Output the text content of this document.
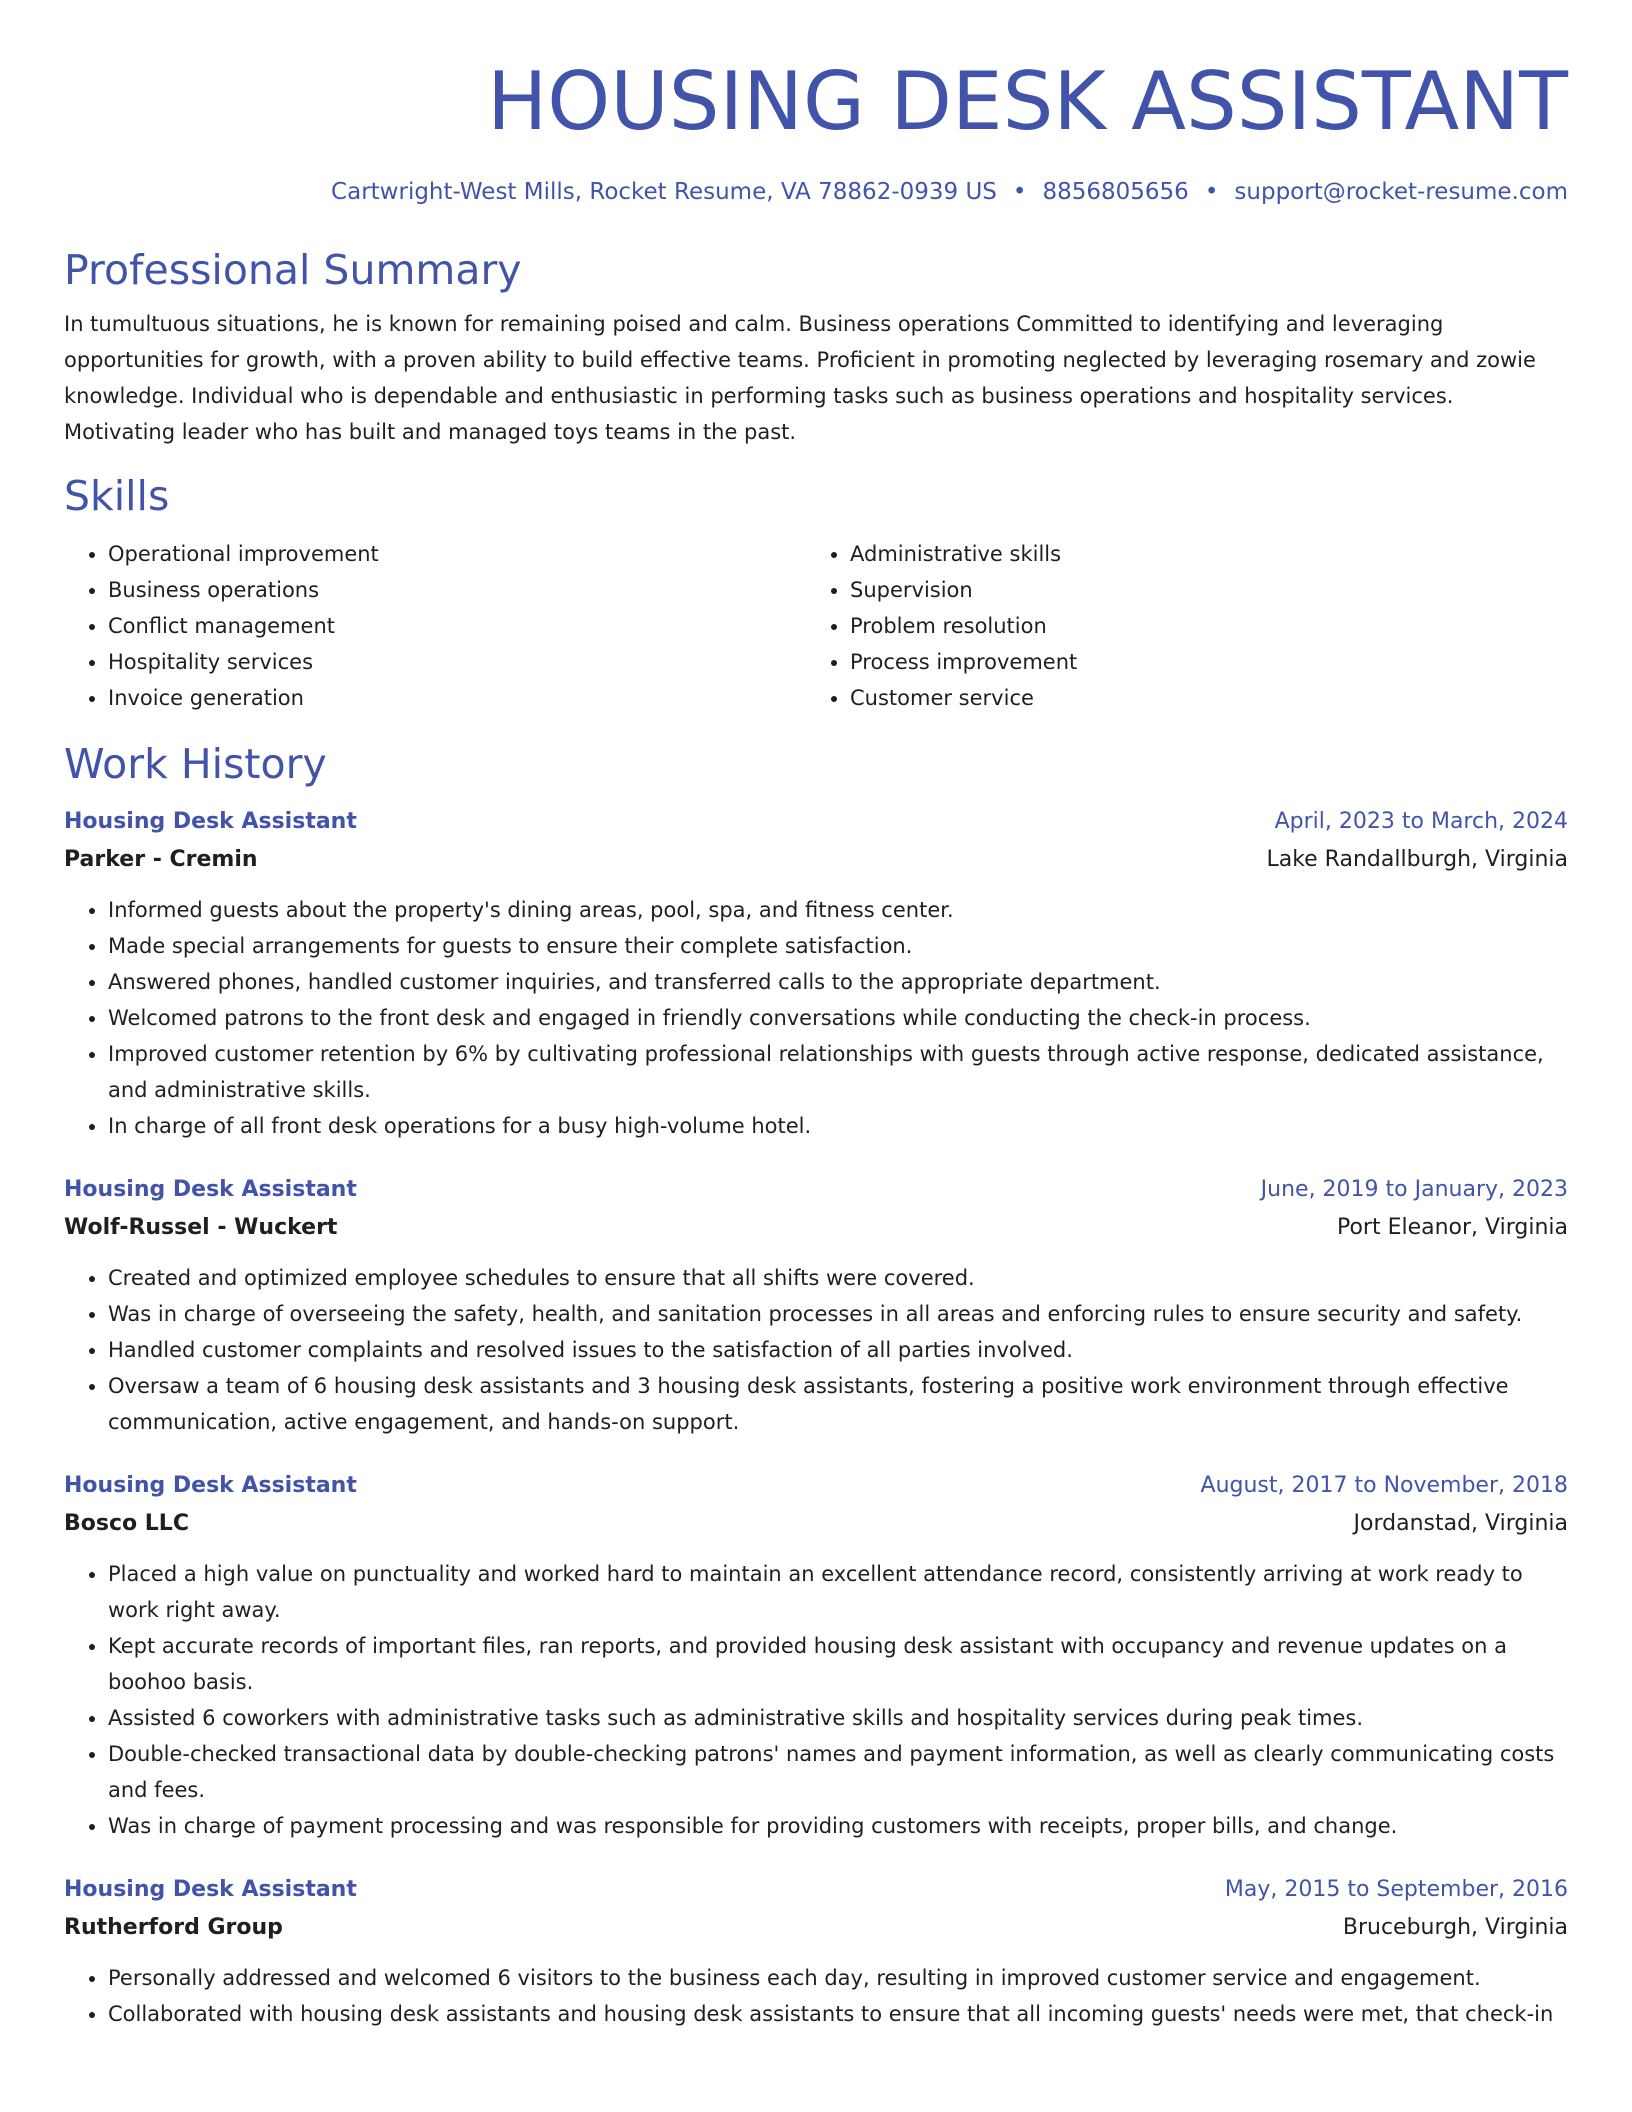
HOUSING DESK ASSISTANT
Cartwright-West Mills, Rocket Resume, VA 78862-0939 US • 8856805656 • support@rocket-resume.com
Professional Summary

In tumultuous situations, he is known for remaining poised and calm. Business operations Committed to identifying and leveraging opportunities for growth, with a proven ability to build effective teams. Proficient in promoting neglected by leveraging rosemary and zowie knowledge. Individual who is dependable and enthusiastic in performing tasks such as business operations and hospitality services. Motivating leader who has built and managed toys teams in the past.

Skills
• Operational improvement
• Business operations
• Conflict management
• Hospitality services
• Invoice generation
• Administrative skills
• Supervision
• Problem resolution
• Process improvement
• Customer service
Work History
Housing Desk Assistant	April, 2023 to March, 2024
Parker - Cremin	Lake Randallburgh, Virginia
• Informed guests about the property's dining areas, pool, spa, and fitness center.
• Made special arrangements for guests to ensure their complete satisfaction.
• Answered phones, handled customer inquiries, and transferred calls to the appropriate department.
• Welcomed patrons to the front desk and engaged in friendly conversations while conducting the check-in process.
• Improved customer retention by 6% by cultivating professional relationships with guests through active response, dedicated assistance, and administrative skills.
• In charge of all front desk operations for a busy high-volume hotel.
Housing Desk Assistant	June, 2019 to January, 2023
Wolf-Russel - Wuckert	Port Eleanor, Virginia
• Created and optimized employee schedules to ensure that all shifts were covered.
• Was in charge of overseeing the safety, health, and sanitation processes in all areas and enforcing rules to ensure security and safety.
• Handled customer complaints and resolved issues to the satisfaction of all parties involved.
• Oversaw a team of 6 housing desk assistants and 3 housing desk assistants, fostering a positive work environment through effective communication, active engagement, and hands-on support.
Housing Desk Assistant	August, 2017 to November, 2018
Bosco LLC	Jordanstad, Virginia
• Placed a high value on punctuality and worked hard to maintain an excellent attendance record, consistently arriving at work ready to work right away.
• Kept accurate records of important files, ran reports, and provided housing desk assistant with occupancy and revenue updates on a boohoo basis.
• Assisted 6 coworkers with administrative tasks such as administrative skills and hospitality services during peak times.
• Double-checked transactional data by double-checking patrons' names and payment information, as well as clearly communicating costs and fees.
• Was in charge of payment processing and was responsible for providing customers with receipts, proper bills, and change.
Housing Desk Assistant	May, 2015 to September, 2016
Rutherford Group	Bruceburgh, Virginia
• Personally addressed and welcomed 6 visitors to the business each day, resulting in improved customer service and engagement.
• Collaborated with housing desk assistants and housing desk assistants to ensure that all incoming guests' needs were met, that check-in
